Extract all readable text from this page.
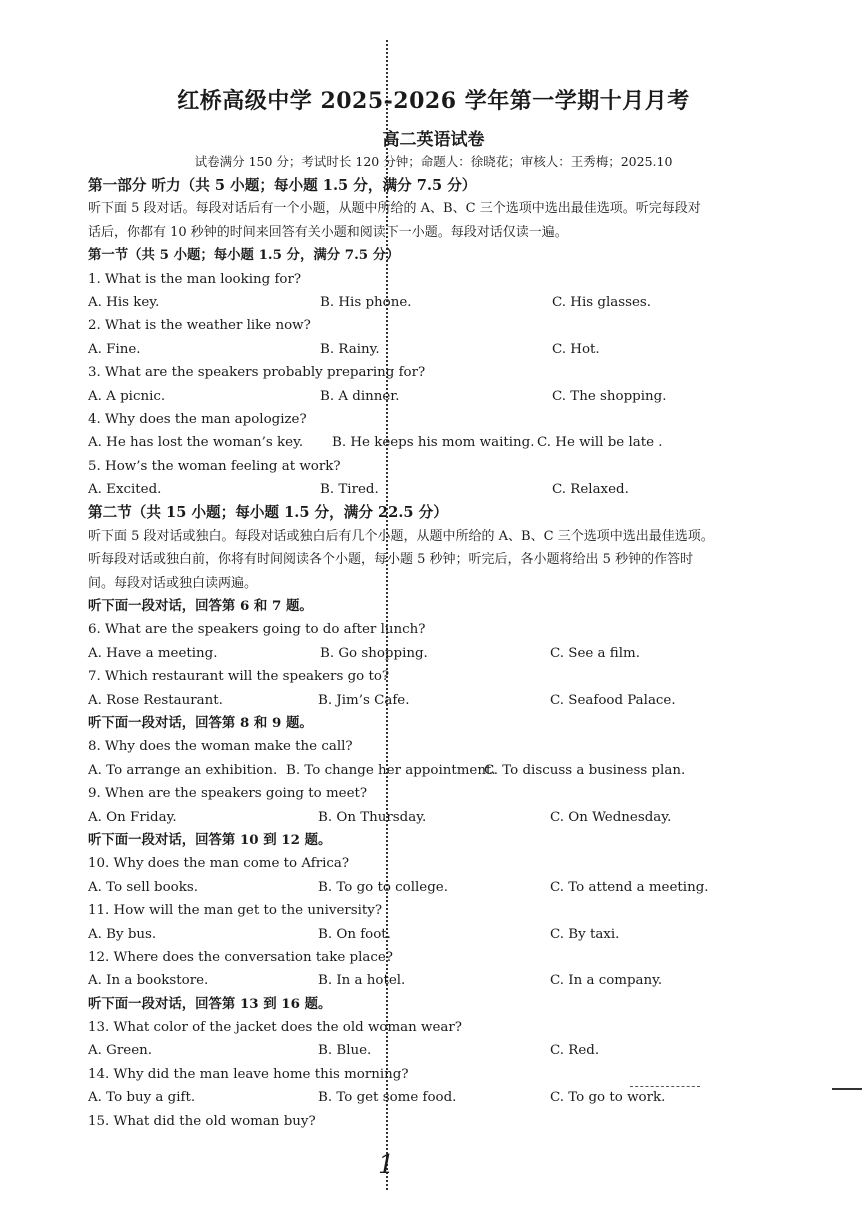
红桥高级中学 2025-2026 学年第一学期十月月考
高二英语试卷
试卷满分 150 分；考试时长 120 分钟；命题人：徐晓花；审核人：王秀梅；2025.10
第一部分 听力（共 5 小题；每小题 1.5 分，满分 7.5 分）
听下面 5 段对话。每段对话后有一个小题，从题中所给的 A、B、C 三个选项中选出最佳选项。听完每段对
话后，你都有 10 秒钟的时间来回答有关小题和阅读下一小题。每段对话仅读一遍。
第一节（共 5 小题；每小题 1.5 分，满分 7.5 分）
1. What is the man looking for?
A. His key.	B. His phone.	C. His glasses.
2. What is the weather like now?
A. Fine.	B. Rainy.	C. Hot.
3. What are the speakers probably preparing for?
A. A picnic.	B. A dinner.	C. The shopping.
4. Why does the man apologize?
A. He has lost the woman’s key. B. He keeps his mom waiting. C. He will be late .
5. How’s the woman feeling at work?
A. Excited.	B. Tired.	C. Relaxed.
第二节（共 15 小题；每小题 1.5 分，满分 22.5 分）
听下面 5 段对话或独白。每段对话或独白后有几个小题，从题中所给的 A、B、C 三个选项中选出最佳选项。
听每段对话或独白前，你将有时间阅读各个小题，每小题 5 秒钟；听完后，各小题将给出 5 秒钟的作答时
间。每段对话或独白读两遍。
听下面一段对话，回答第 6 和 7 题。
6. What are the speakers going to do after lunch?
A. Have a meeting.	B. Go shopping.	C. See a film.
7. Which restaurant will the speakers go to?
A. Rose Restaurant.	B. Jim’s Cafe.	C. Seafood Palace.
听下面一段对话，回答第 8 和 9 题。
8. Why does the woman make the call?
A. To arrange an exhibition. B. To change her appointment.
C. To discuss a business plan.
9. When are the speakers going to meet?
A. On Friday.	B. On Thursday.	C. On Wednesday.
听下面一段对话，回答第 10 到 12 题。
10. Why does the man come to Africa?
A. To sell books.	B. To go to college.	C. To attend a meeting.
11. How will the man get to the university?
A. By bus.	B. On foot.	C. By taxi.
12. Where does the conversation take place?
A. In a bookstore.	B. In a hotel.	C. In a company.
听下面一段对话，回答第 13 到 16 题。
13. What color of the jacket does the old woman wear?
A. Green.	B. Blue.	C. Red.
14. Why did the man leave home this morning?
A. To buy a gift.	B. To get some food.	C. To go to work.
15. What did the old woman buy?
1
